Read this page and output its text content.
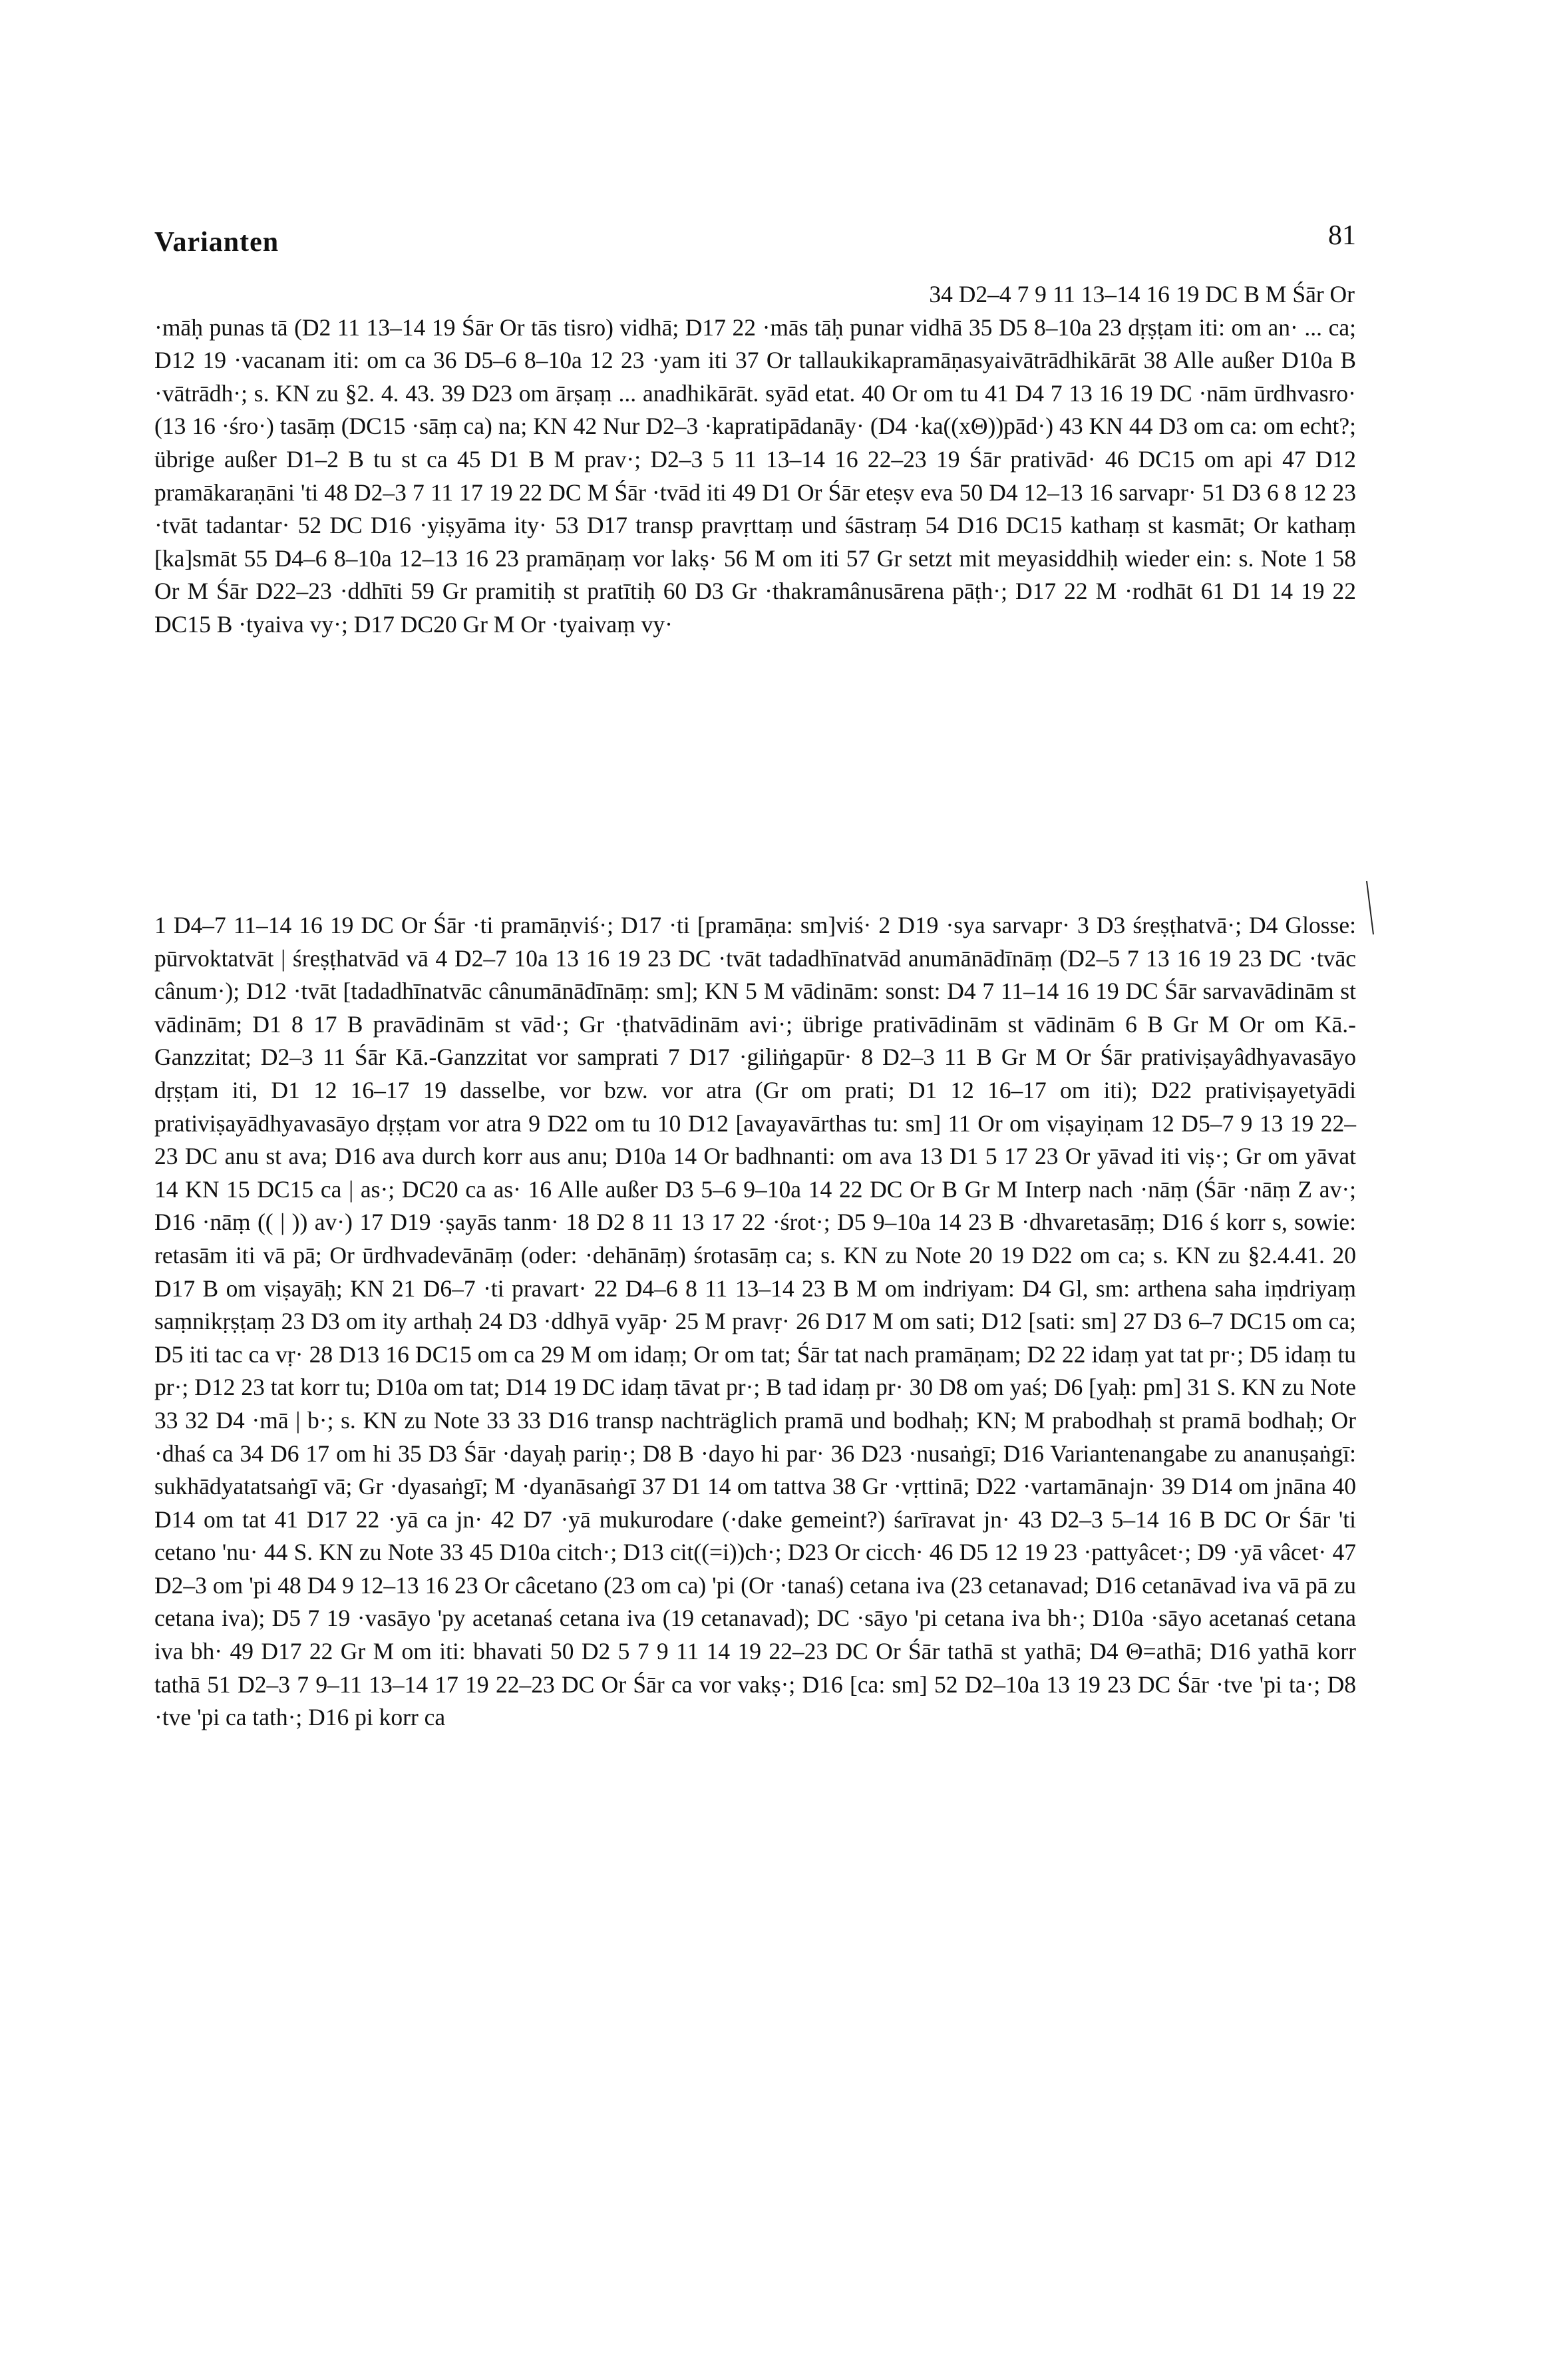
Varianten	81
34 D2–4 7 9 11 13–14 16 19 DC B M Śār Or
·māḥ punas tā (D2 11 13–14 19 Śār Or tās tisro) vidhā; D17 22 ·mās tāḥ punar vidhā 35 D5 8–10a 23 dṛṣṭam iti: om an· ... ca; D12 19 ·vacanam iti: om ca 36 D5–6 8–10a 12 23 ·yam iti 37 Or tallaukikapramāṇasyaivātrādhikārāt 38 Alle außer D10a B ·vātrādh·; s. KN zu §2. 4. 43. 39 D23 om ārṣaṃ ... anadhikārāt. syād etat. 40 Or om tu 41 D4 7 13 16 19 DC ·nām ūrdhvasro· (13 16 ·śro·) tasāṃ (DC15 ·sāṃ ca) na; KN 42 Nur D2–3 ·kapratipādanāy· (D4 ·ka((xΘ))pād·) 43 KN 44 D3 om ca: om echt?; übrige außer D1–2 B tu st ca 45 D1 B M prav·; D2–3 5 11 13–14 16 22–23 19 Śār prativād· 46 DC15 om api 47 D12 pramākaraṇāni 'ti 48 D2–3 7 11 17 19 22 DC M Śār ·tvād iti 49 D1 Or Śār eteṣv eva 50 D4 12–13 16 sarvapr· 51 D3 6 8 12 23 ·tvāt tadantar· 52 DC D16 ·yiṣyāma ity· 53 D17 transp pravṛttaṃ und śāstraṃ 54 D16 DC15 kathaṃ st kasmāt; Or kathaṃ [ka]smāt 55 D4–6 8–10a 12–13 16 23 pramāṇaṃ vor lakṣ· 56 M om iti 57 Gr setzt mit meyasiddhiḥ wieder ein: s. Note 1 58 Or M Śār D22–23 ·ddhīti 59 Gr pramitiḥ st pratītiḥ 60 D3 Gr ·thakramânusārena pāṭh·; D17 22 M ·rodhāt 61 D1 14 19 22 DC15 B ·tyaiva vy·; D17 DC20 Gr M Or ·tyaivaṃ vy·
1 D4–7 11–14 16 19 DC Or Śār ·ti pramāṇviś·; D17 ·ti [pramāṇa: sm]viś· 2 D19 ·sya sarvapr· 3 D3 śreṣṭhatvā·; D4 Glosse: pūrvoktatvāt | śreṣṭhatvād vā 4 D2–7 10a 13 16 19 23 DC ·tvāt tadadhīnatvād anumānādīnāṃ (D2–5 7 13 16 19 23 DC ·tvāc cânum·); D12 ·tvāt [tadadhīnatvāc cânumānādīnāṃ: sm]; KN 5 M vādinām: sonst: D4 7 11–14 16 19 DC Śār sarvavādinām st vādinām; D1 8 17 B pravādinām st vād·; Gr ·ṭhatvādinām avi·; übrige prativādinām st vādinām 6 B Gr M Or om Kā.-Ganzzitat; D2–3 11 Śār Kā.-Ganzzitat vor samprati 7 D17 ·giliṅgapūr· 8 D2–3 11 B Gr M Or Śār prativiṣayâdhyavasāyo dṛṣṭam iti, D1 12 16–17 19 dasselbe, vor bzw. vor atra (Gr om prati; D1 12 16–17 om iti); D22 prativiṣayetyādi prativiṣayādhyavasāyo dṛṣṭam vor atra 9 D22 om tu 10 D12 [avayavārthas tu: sm] 11 Or om viṣayiṇam 12 D5–7 9 13 19 22–23 DC anu st ava; D16 ava durch korr aus anu; D10a 14 Or badhnanti: om ava 13 D1 5 17 23 Or yāvad iti viṣ·; Gr om yāvat 14 KN 15 DC15 ca | as·; DC20 ca as· 16 Alle außer D3 5–6 9–10a 14 22 DC Or B Gr M Interp nach ·nāṃ (Śār ·nāṃ Z av·; D16 ·nāṃ (( | )) av·) 17 D19 ·ṣayās tanm· 18 D2 8 11 13 17 22 ·śrot·; D5 9–10a 14 23 B ·dhvaretasāṃ; D16 ś korr s, sowie: retasām iti vā pā; Or ūrdhvadevānāṃ (oder: ·dehānāṃ) śrotasāṃ ca; s. KN zu Note 20 19 D22 om ca; s. KN zu §2.4.41. 20 D17 B om viṣayāḥ; KN 21 D6–7 ·ti pravart· 22 D4–6 8 11 13–14 23 B M om indriyam: D4 Gl, sm: arthena saha iṃdriyaṃ saṃnikṛṣṭaṃ 23 D3 om ity arthaḥ 24 D3 ·ddhyā vyāp· 25 M pravṛ· 26 D17 M om sati; D12 [sati: sm] 27 D3 6–7 DC15 om ca; D5 iti tac ca vṛ· 28 D13 16 DC15 om ca 29 M om idaṃ; Or om tat; Śār tat nach pramāṇam; D2 22 idaṃ yat tat pr·; D5 idaṃ tu pr·; D12 23 tat korr tu; D10a om tat; D14 19 DC idaṃ tāvat pr·; B tad idaṃ pr· 30 D8 om yaś; D6 [yaḥ: pm] 31 S. KN zu Note 33 32 D4 ·mā | b·; s. KN zu Note 33 33 D16 transp nachträglich pramā und bodhaḥ; KN; M prabodhaḥ st pramā bodhaḥ; Or ·dhaś ca 34 D6 17 om hi 35 D3 Śār ·dayaḥ pariṇ·; D8 B ·dayo hi par· 36 D23 ·nusaṅgī; D16 Variantenangabe zu ananuṣaṅgī: sukhādyatatsaṅgī vā; Gr ·dyasaṅgī; M ·dyanāsaṅgī 37 D1 14 om tattva 38 Gr ·vṛttinā; D22 ·vartamānajn· 39 D14 om jnāna 40 D14 om tat 41 D17 22 ·yā ca jn· 42 D7 ·yā mukurodare (·dake gemeint?) śarīravat jn· 43 D2–3 5–14 16 B DC Or Śār 'ti cetano 'nu· 44 S. KN zu Note 33 45 D10a citch·; D13 cit((=i))ch·; D23 Or cicch· 46 D5 12 19 23 ·pattyâcet·; D9 ·yā vâcet· 47 D2–3 om 'pi 48 D4 9 12–13 16 23 Or câcetano (23 om ca) 'pi (Or ·tanaś) cetana iva (23 cetanavad; D16 cetanāvad iva vā pā zu cetana iva); D5 7 19 ·vasāyo 'py acetanaś cetana iva (19 cetanavad); DC ·sāyo 'pi cetana iva bh·; D10a ·sāyo acetanaś cetana iva bh· 49 D17 22 Gr M om iti: bhavati 50 D2 5 7 9 11 14 19 22–23 DC Or Śār tathā st yathā; D4 Θ=athā; D16 yathā korr tathā 51 D2–3 7 9–11 13–14 17 19 22–23 DC Or Śār ca vor vakṣ·; D16 [ca: sm] 52 D2–10a 13 19 23 DC Śār ·tve 'pi ta·; D8 ·tve 'pi ca tath·; D16 pi korr ca
